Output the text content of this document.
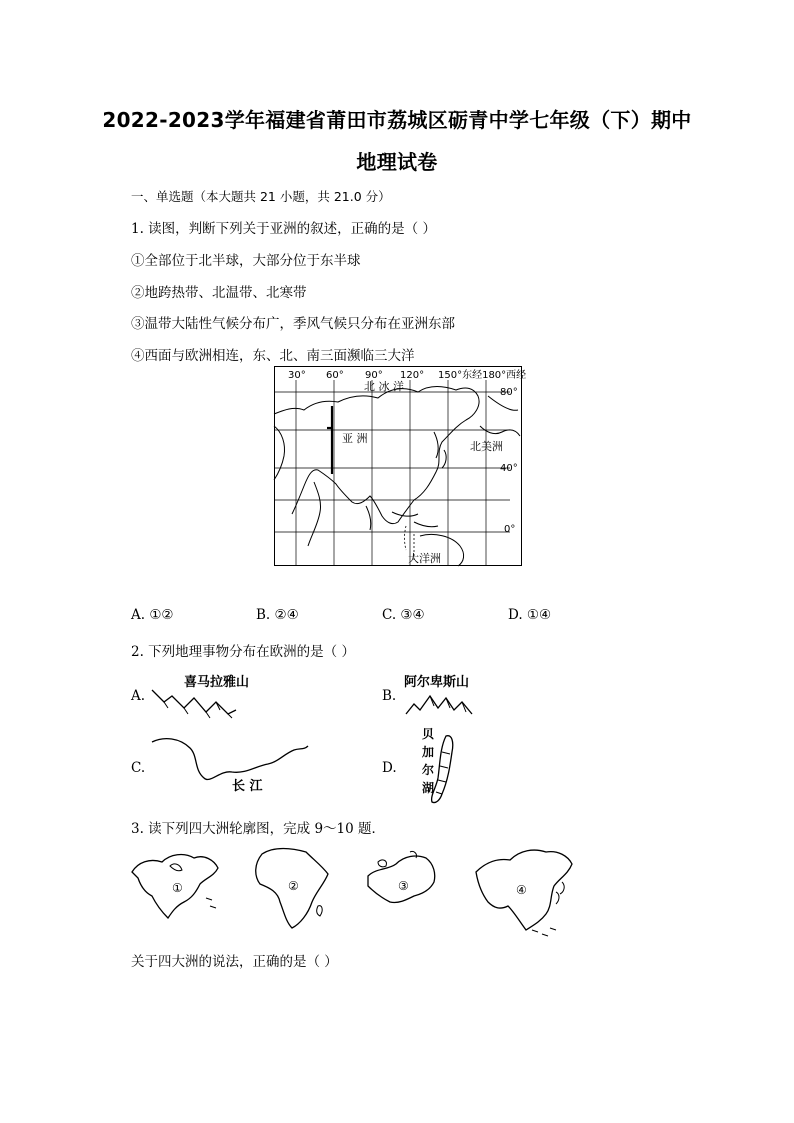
2022-2023学年福建省莆田市荔城区砺青中学七年级（下）期中
地理试卷
一、单选题（本大题共 21 小题，共 21.0 分）
1. 读图，判断下列关于亚洲的叙述，正确的是（ ）
①全部位于北半球，大部分位于东半球
②地跨热带、北温带、北寒带
③温带大陆性气候分布广，季风气候只分布在亚洲东部
④西面与欧洲相连，东、北、南三面濒临三大洋
30° 60° 90° 120° 150°东经180°西经
80°
40°
0°
北 冰 洋
亚 洲
北美洲
大洋洲
A. ①②	B. ②④	C. ③④	D. ①④
2. 下列地理事物分布在欧洲的是（ ）
A.
喜马拉雅山
B.
阿尔卑斯山
C.
长 江
D.
贝
加
尔
湖
3. 读下列四大洲轮廓图，完成 9～10 题．
①	②	③	④
关于四大洲的说法，正确的是（ ）
